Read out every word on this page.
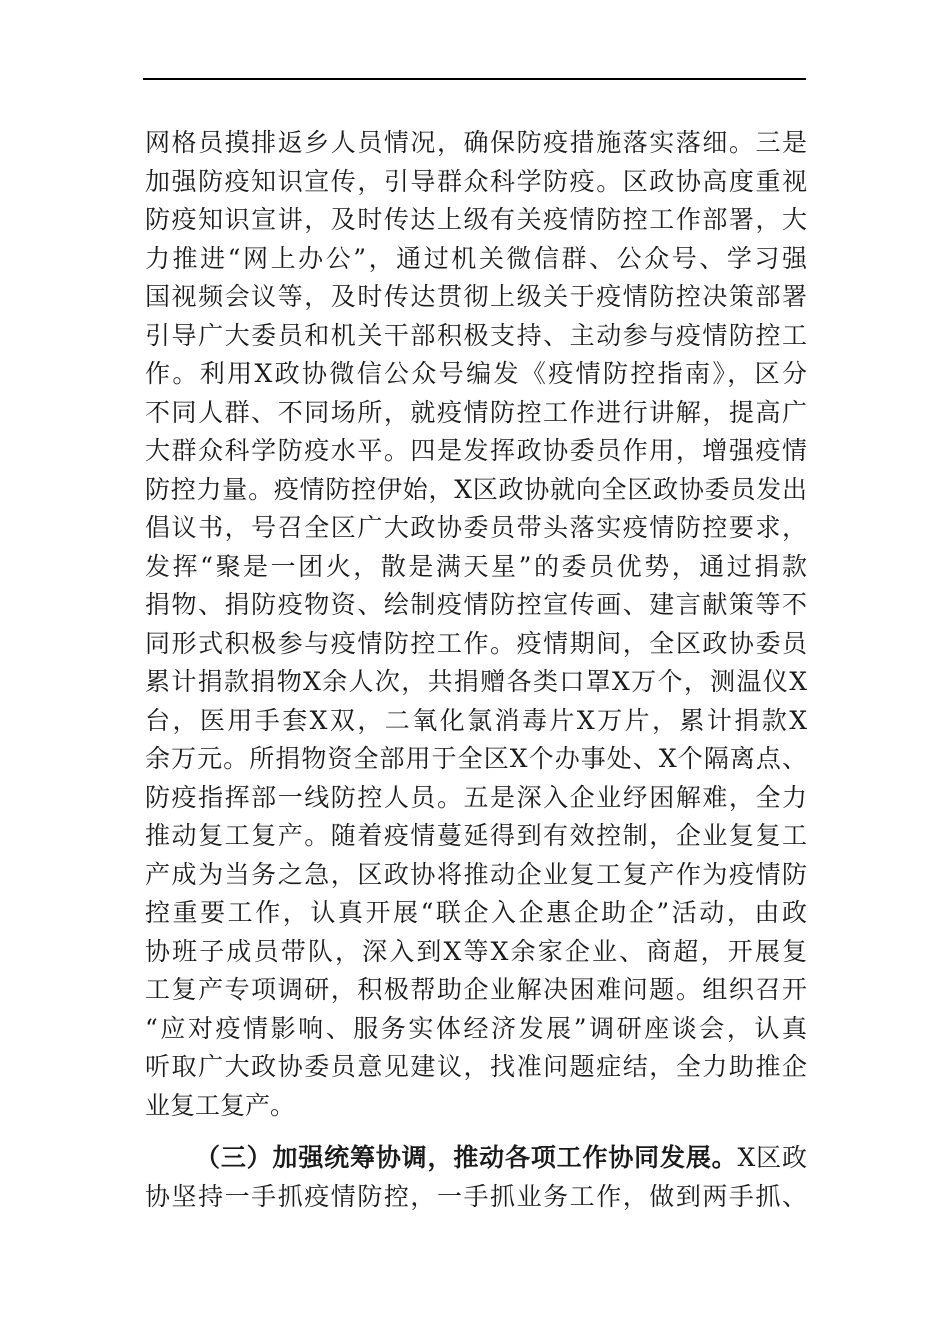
网格员摸排返乡人员情况，确保防疫措施落实落细。三是
加强防疫知识宣传，引导群众科学防疫。区政协高度重视
防疫知识宣讲，及时传达上级有关疫情防控工作部署，大
力推进“网上办公”，通过机关微信群、公众号、学习强
国视频会议等，及时传达贯彻上级关于疫情防控决策部署
引导广大委员和机关干部积极支持、主动参与疫情防控工
作。利用X政协微信公众号编发《疫情防控指南》，区分
不同人群、不同场所，就疫情防控工作进行讲解，提高广
大群众科学防疫水平。四是发挥政协委员作用，增强疫情
防控力量。疫情防控伊始，X区政协就向全区政协委员发出
倡议书，号召全区广大政协委员带头落实疫情防控要求，
发挥“聚是一团火，散是满天星”的委员优势，通过捐款
捐物、捐防疫物资、绘制疫情防控宣传画、建言献策等不
同形式积极参与疫情防控工作。疫情期间，全区政协委员
累计捐款捐物X余人次，共捐赠各类口罩X万个，测温仪X
台，医用手套X双，二氧化氯消毒片X万片，累计捐款X
余万元。所捐物资全部用于全区X个办事处、X个隔离点、
防疫指挥部一线防控人员。五是深入企业纾困解难，全力
推动复工复产。随着疫情蔓延得到有效控制，企业复复工
产成为当务之急，区政协将推动企业复工复产作为疫情防
控重要工作，认真开展“联企入企惠企助企”活动，由政
协班子成员带队，深入到X等X余家企业、商超，开展复
工复产专项调研，积极帮助企业解决困难问题。组织召开
“应对疫情影响、服务实体经济发展”调研座谈会，认真
听取广大政协委员意见建议，找准问题症结，全力助推企
业复工复产。
（三）加强统筹协调，推动各项工作协同发展。X区政
协坚持一手抓疫情防控，一手抓业务工作，做到两手抓、
